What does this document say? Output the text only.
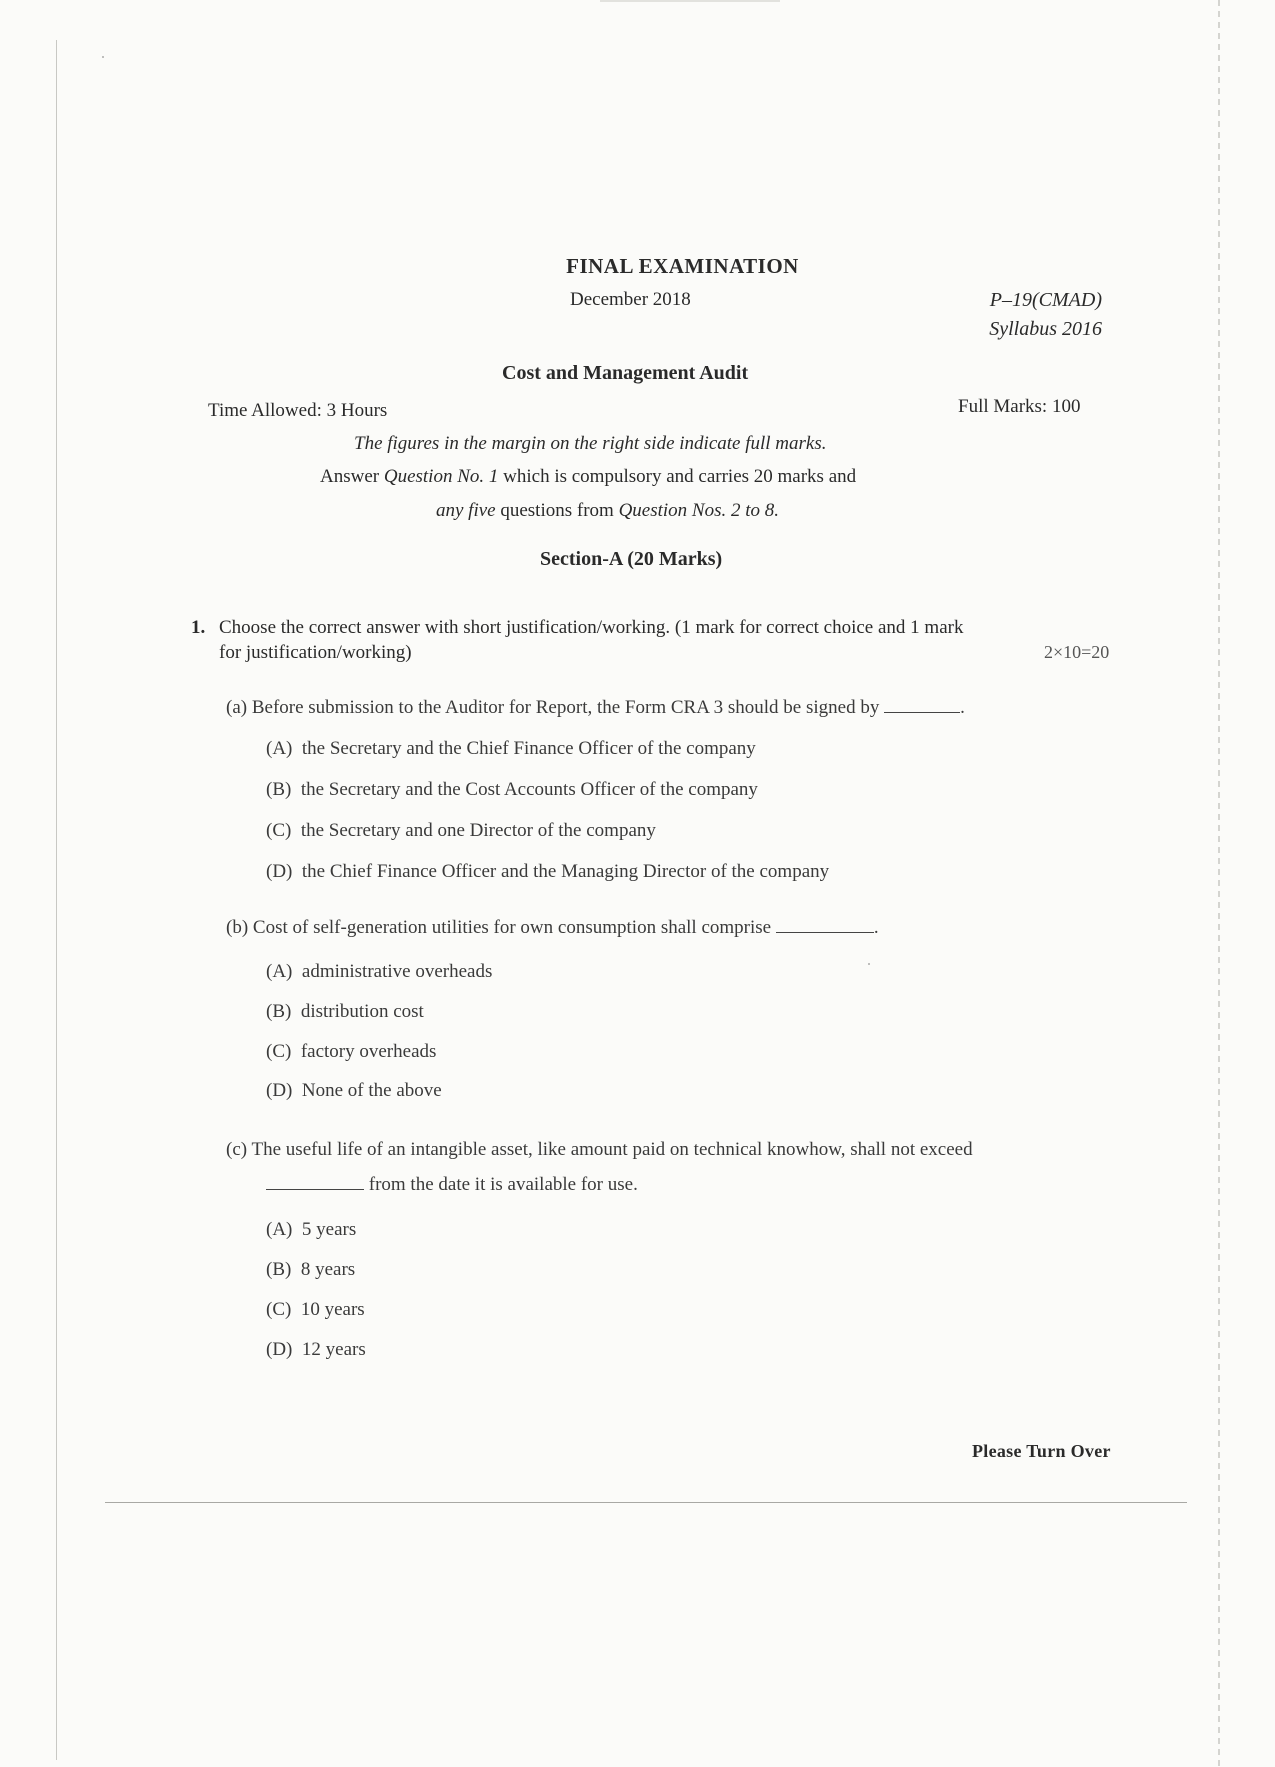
FINAL EXAMINATION
December 2018	P–19(CMAD)
Syllabus 2016
Cost and Management Audit
Time Allowed: 3 Hours	Full Marks: 100
The figures in the margin on the right side indicate full marks.
Answer Question No. 1 which is compulsory and carries 20 marks and
any five questions from Question Nos. 2 to 8.
Section-A (20 Marks)
1. Choose the correct answer with short justification/working. (1 mark for correct choice and 1 mark
for justification/working)	2×10=20
(a) Before submission to the Auditor for Report, the Form CRA 3 should be signed by	.
(A) the Secretary and the Chief Finance Officer of the company
(B) the Secretary and the Cost Accounts Officer of the company
(C) the Secretary and one Director of the company
(D) the Chief Finance Officer and the Managing Director of the company
(b) Cost of self-generation utilities for own consumption shall comprise	.
(A) administrative overheads
(B) distribution cost
(C) factory overheads
(D) None of the above
(c) The useful life of an intangible asset, like amount paid on technical knowhow, shall not exceed
from the date it is available for use.
(A) 5 years
(B) 8 years
(C) 10 years
(D) 12 years
Please Turn Over
